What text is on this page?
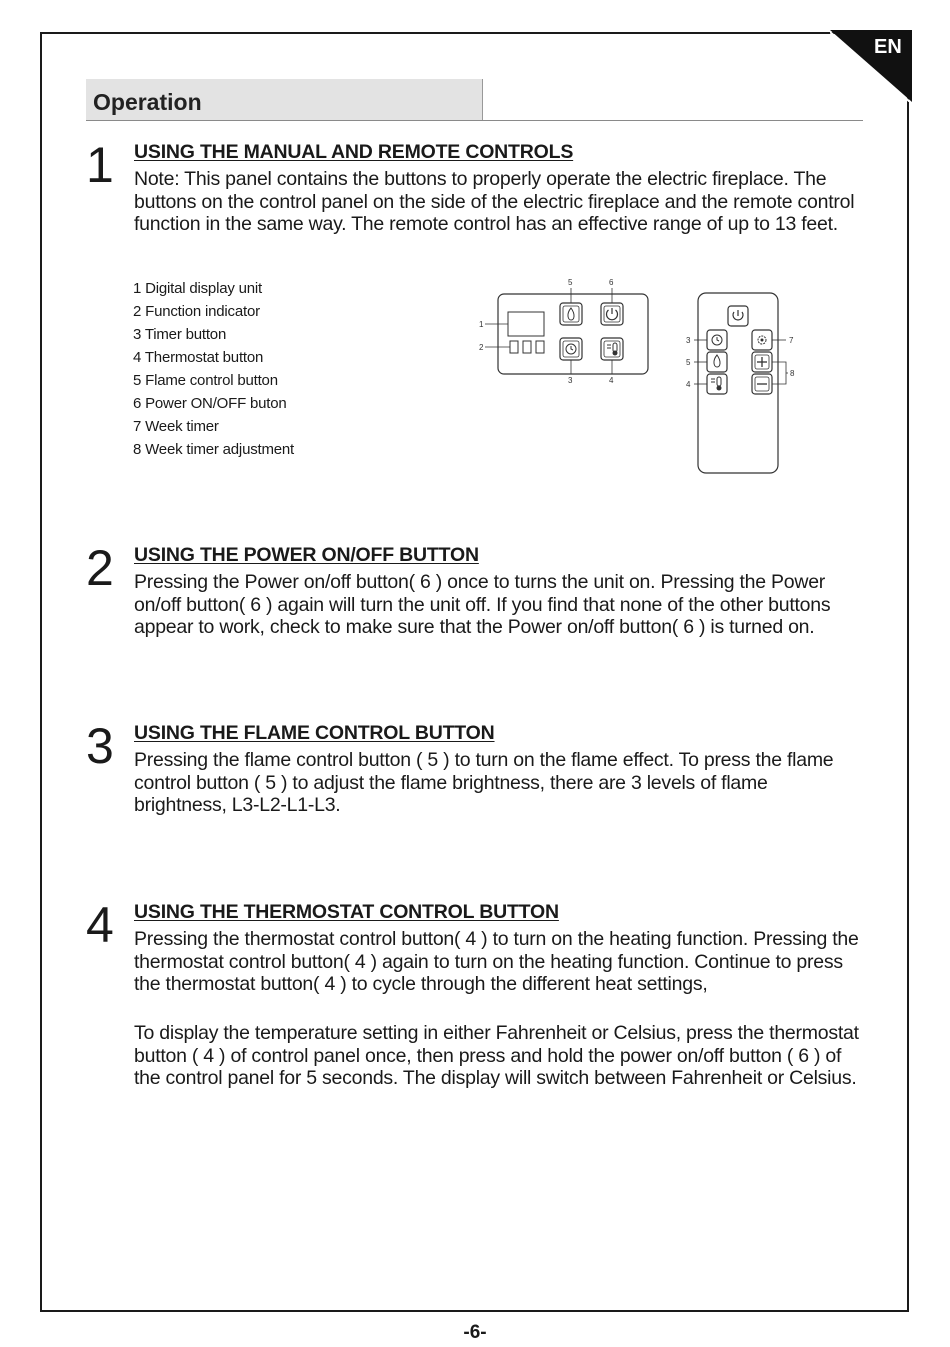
EN
Operation
1 USING THE MANUAL AND REMOTE CONTROLS

Note: This panel contains the buttons to properly operate the electric fireplace. The buttons on the control panel on the side of the electric fireplace and the remote control function in the same way. The remote control has an effective range of up to 13 feet.

1 Digital display unit
2 Function indicator
3 Timer button
4 Thermostat button
5 Flame control button
6 Power ON/OFF buton
7 Week timer
8 Week timer adjustment
1
2
5	6
3	4
3
5
4
7
8
2 USING THE POWER ON/OFF BUTTON

Pressing the Power on/off button( 6 ) once to turns the unit on. Pressing the Power on/off button( 6 ) again will turn the unit off. If you find that none of the other buttons appear to work, check to make sure that the Power on/off button( 6 ) is turned on.

3 USING THE FLAME CONTROL BUTTON

Pressing the flame control button ( 5 ) to turn on the flame effect. To press the flame control button ( 5 ) to adjust the flame brightness, there are 3 levels of flame brightness, L3-L2-L1-L3.

4 USING THE THERMOSTAT CONTROL BUTTON

Pressing the thermostat control button( 4 ) to turn on the heating function. Pressing the thermostat control button( 4 ) again to turn on the heating function. Continue to press the thermostat button( 4 ) to cycle through the different heat settings,

To display the temperature setting in either Fahrenheit or Celsius, press the thermostat button ( 4 ) of control panel once, then press and hold the power on/off button ( 6 ) of the control panel for 5 seconds. The display will switch between Fahrenheit or Celsius.

-6-
